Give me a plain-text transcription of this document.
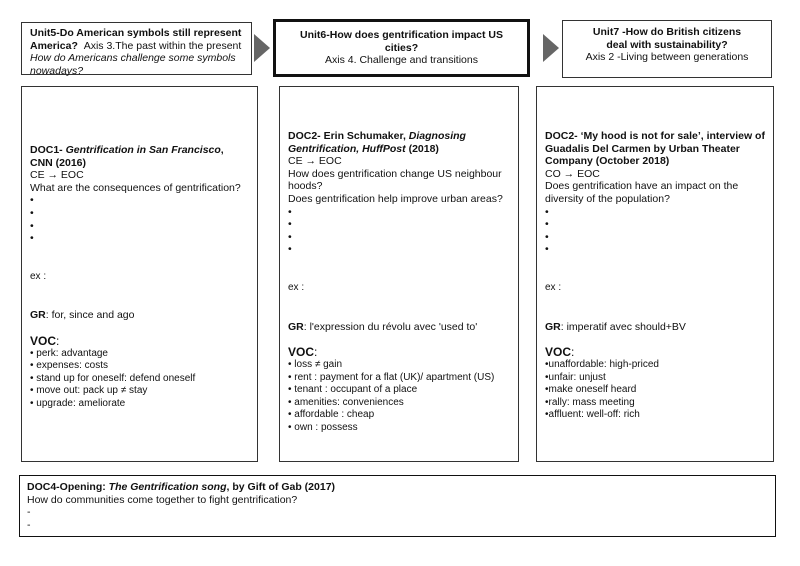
Unit5-Do American symbols still represent America? Axis 3.The past within the present
How do Americans challenge some symbols nowadays?
Unit6-How does gentrification impact US cities?
Axis 4. Challenge and transitions
Unit7 -How do British citizens deal with sustainability?
Axis 2 -Living between generations
DOC1- Gentrification in San Francisco, CNN (2016)
CE → EOC
What are the consequences of gentrification?
•
•
•
•
ex :
GR: for, since and ago
VOC:
• perk: advantage
• expenses: costs
• stand up for oneself: defend oneself
• move out: pack up ≠ stay
• upgrade: ameliorate
DOC2- Erin Schumaker, Diagnosing Gentrification, HuffPost (2018)
CE → EOC
How does gentrification change US neighbour hoods?
Does gentrification help improve urban areas?
•
•
•
•
ex :
GR: l'expression du révolu avec 'used to'
VOC:
• loss ≠ gain
• rent : payment for a flat (UK)/ apartment (US)
• tenant : occupant of a place
• amenities: conveniences
• affordable : cheap
• own : possess
DOC2- ‘My hood is not for sale’, interview of Guadalis Del Carmen by Urban Theater Company (October 2018)
CO → EOC
Does gentrification have an impact on the diversity of the population?
•
•
•
•
ex :
GR: imperatif avec should+BV
VOC:
•unaffordable: high-priced
•unfair: unjust
•make oneself heard
•rally: mass meeting
•affluent: well-off: rich
DOC4-Opening: The Gentrification song, by Gift of Gab (2017)
How do communities come together to fight gentrification?
-
-
